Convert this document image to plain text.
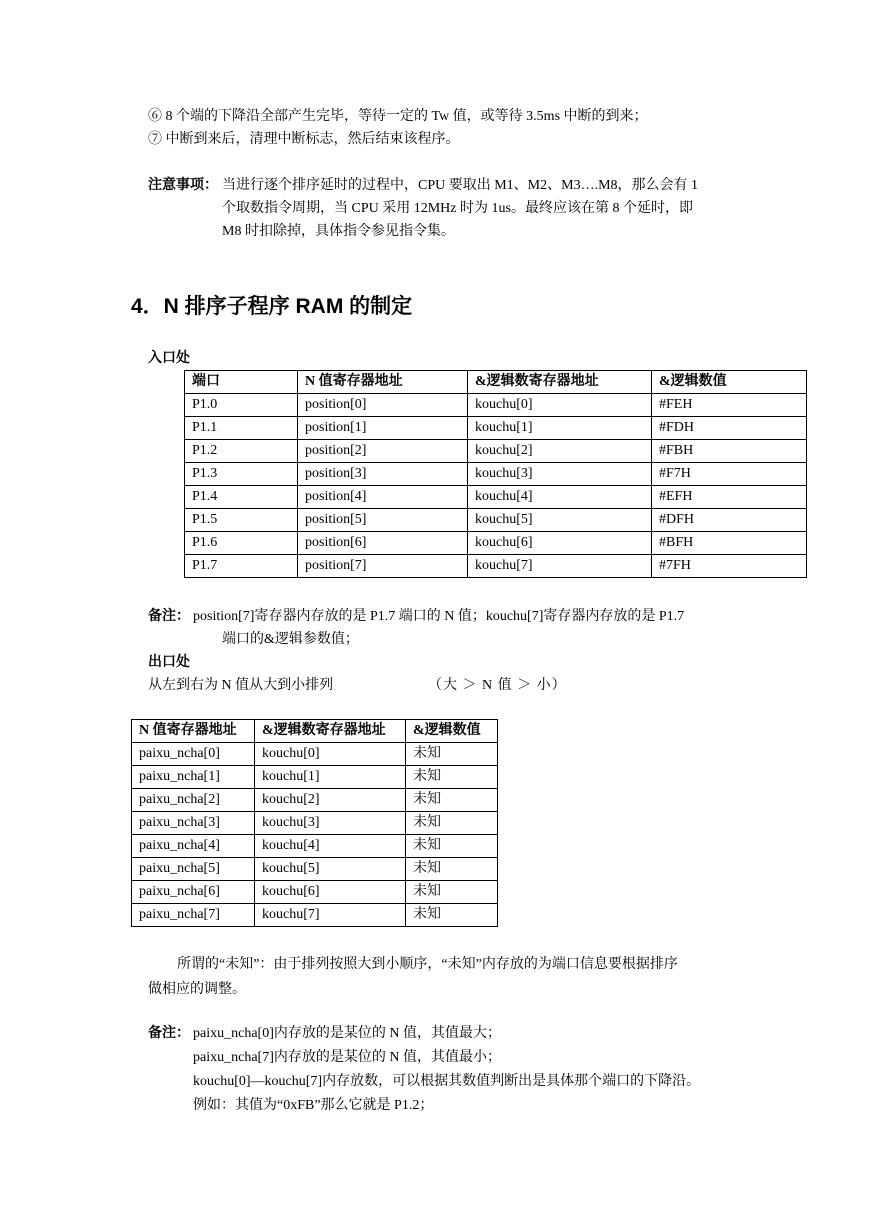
⑥ 8 个端的下降沿全部产生完毕，等待一定的 Tw 值，或等待 3.5ms 中断的到来；
⑦ 中断到来后，清理中断标志，然后结束该程序。
注意事项： 当进行逐个排序延时的过程中，CPU 要取出 M1、M2、M3….M8，那么会有 1
个取数指令周期，当 CPU 采用 12MHz 时为 1us。最终应该在第 8 个延时，即
M8 时扣除掉，具体指令参见指令集。
4．N 排序子程序 RAM 的制定
入口处
端口	N 值寄存器地址	&逻辑数寄存器地址	&逻辑数值
P1.0	position[0]	kouchu[0]	#FEH
P1.1	position[1]	kouchu[1]	#FDH
P1.2	position[2]	kouchu[2]	#FBH
P1.3	position[3]	kouchu[3]	#F7H
P1.4	position[4]	kouchu[4]	#EFH
P1.5	position[5]	kouchu[5]	#DFH
P1.6	position[6]	kouchu[6]	#BFH
P1.7	position[7]	kouchu[7]	#7FH
备注： position[7]寄存器内存放的是 P1.7 端口的 N 值；kouchu[7]寄存器内存放的是 P1.7
端口的&逻辑参数值；
出口处
从左到右为 N 值从大到小排列	（大 ＞ N 值 ＞ 小）
N 值寄存器地址	&逻辑数寄存器地址	&逻辑数值
paixu_ncha[0]	kouchu[0]	未知
paixu_ncha[1]	kouchu[1]	未知
paixu_ncha[2]	kouchu[2]	未知
paixu_ncha[3]	kouchu[3]	未知
paixu_ncha[4]	kouchu[4]	未知
paixu_ncha[5]	kouchu[5]	未知
paixu_ncha[6]	kouchu[6]	未知
paixu_ncha[7]	kouchu[7]	未知
所谓的“未知”：由于排列按照大到小顺序，“未知”内存放的为端口信息要根据排序
做相应的调整。
备注： paixu_ncha[0]内存放的是某位的 N 值，其值最大；
paixu_ncha[7]内存放的是某位的 N 值，其值最小；
kouchu[0]—kouchu[7]内存放数，可以根据其数值判断出是具体那个端口的下降沿。
例如：其值为“0xFB”那么它就是 P1.2；
